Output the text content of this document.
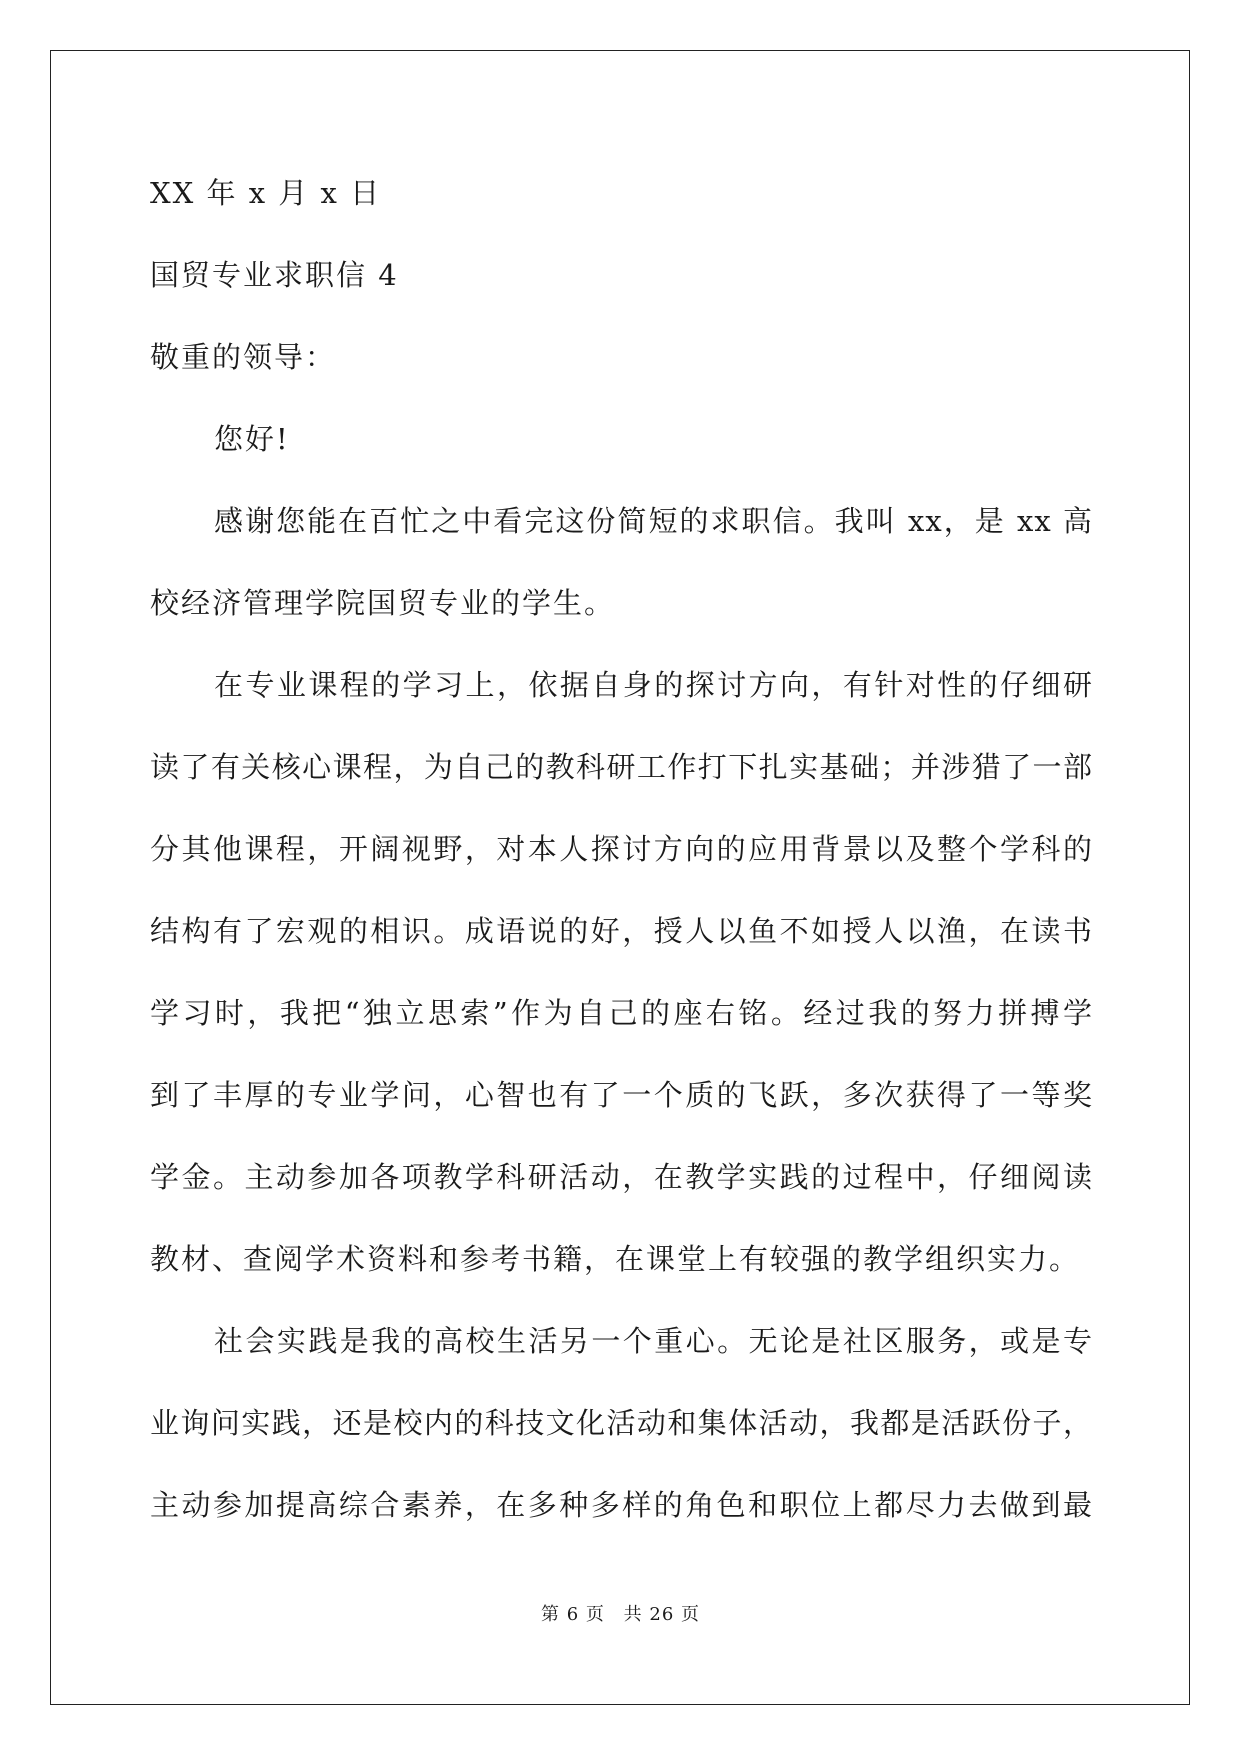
XX 年 x 月 x 日
国贸专业求职信 4
敬重的领导：
您好!
感谢您能在百忙之中看完这份简短的求职信。我叫 xx，是 xx 高
校经济管理学院国贸专业的学生。
在专业课程的学习上，依据自身的探讨方向，有针对性的仔细研
读了有关核心课程，为自己的教科研工作打下扎实基础；并涉猎了一部
分其他课程，开阔视野，对本人探讨方向的应用背景以及整个学科的
结构有了宏观的相识。成语说的好，授人以鱼不如授人以渔，在读书
学习时，我把“独立思索”作为自己的座右铭。经过我的努力拼搏学
到了丰厚的专业学问，心智也有了一个质的飞跃，多次获得了一等奖
学金。主动参加各项教学科研活动，在教学实践的过程中，仔细阅读
教材、查阅学术资料和参考书籍，在课堂上有较强的教学组织实力。
社会实践是我的高校生活另一个重心。无论是社区服务，或是专
业询问实践，还是校内的科技文化活动和集体活动，我都是活跃份子，
主动参加提高综合素养，在多种多样的角色和职位上都尽力去做到最
第 6 页 共 26 页
